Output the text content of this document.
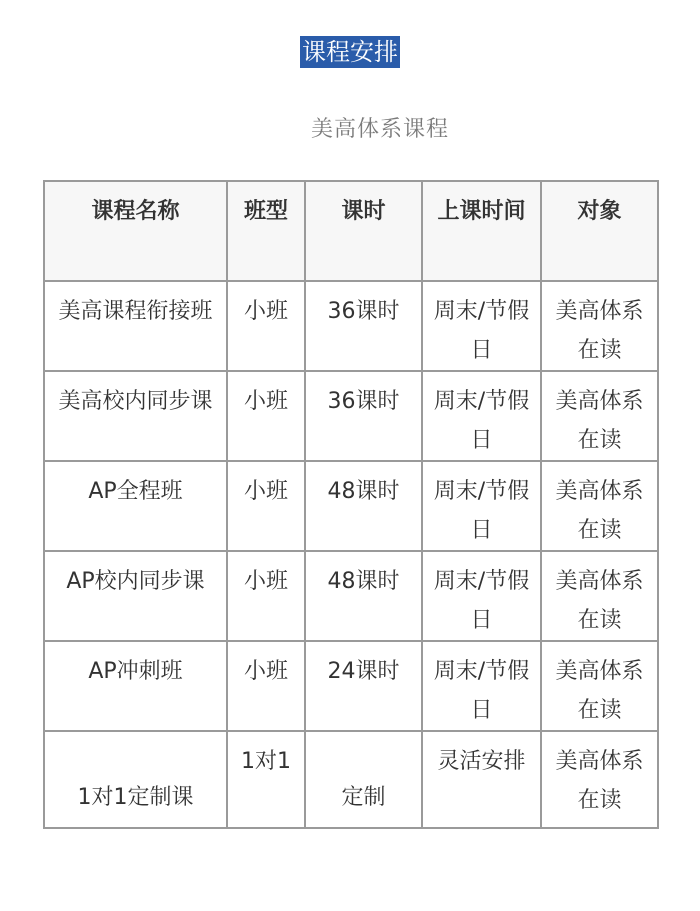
课程安排
美高体系课程
课程名称	班型	课时	上课时间	对象
美高课程衔接班	小班	36课时	周末/节假日	美高体系在读
美高校内同步课	小班	36课时	周末/节假日	美高体系在读
AP全程班	小班	48课时	周末/节假日	美高体系在读
AP校内同步课	小班	48课时	周末/节假日	美高体系在读
AP冲刺班	小班	24课时	周末/节假日	美高体系在读
1对1定制课	1对1	定制	灵活安排	美高体系在读
